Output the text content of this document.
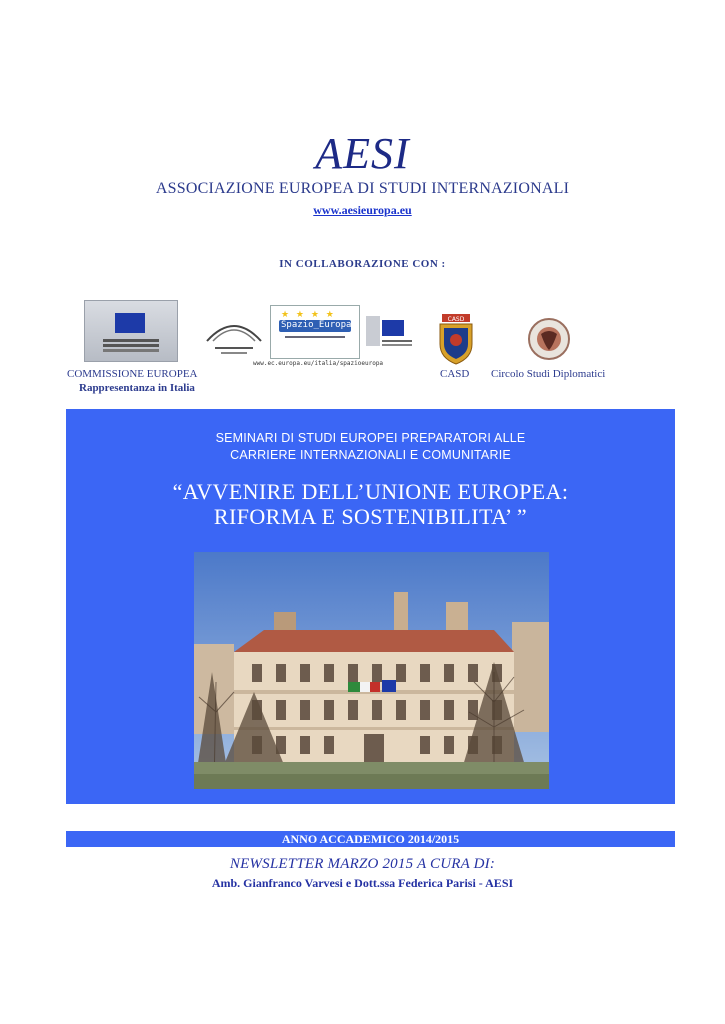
AESI
ASSOCIAZIONE EUROPEA DI STUDI INTERNAZIONALI
www.aesieuropa.eu
IN COLLABORAZIONE CON :
★ ★ ★ ★
Spazio_Europa
www.ec.europa.eu/italia/spazioeuropa
CASD
COMMISSIONE EUROPEA
Rappresentanza in Italia
CASD Circolo Studi Diplomatici
SEMINARI DI STUDI EUROPEI PREPARATORI ALLE
CARRIERE INTERNAZIONALI E COMUNITARIE
“AVVENIRE DELL’UNIONE EUROPEA:
RIFORMA E SOSTENIBILITA’ ”
ANNO ACCADEMICO 2014/2015
NEWSLETTER MARZO 2015 A CURA DI:
Amb. Gianfranco Varvesi e Dott.ssa Federica Parisi - AESI
